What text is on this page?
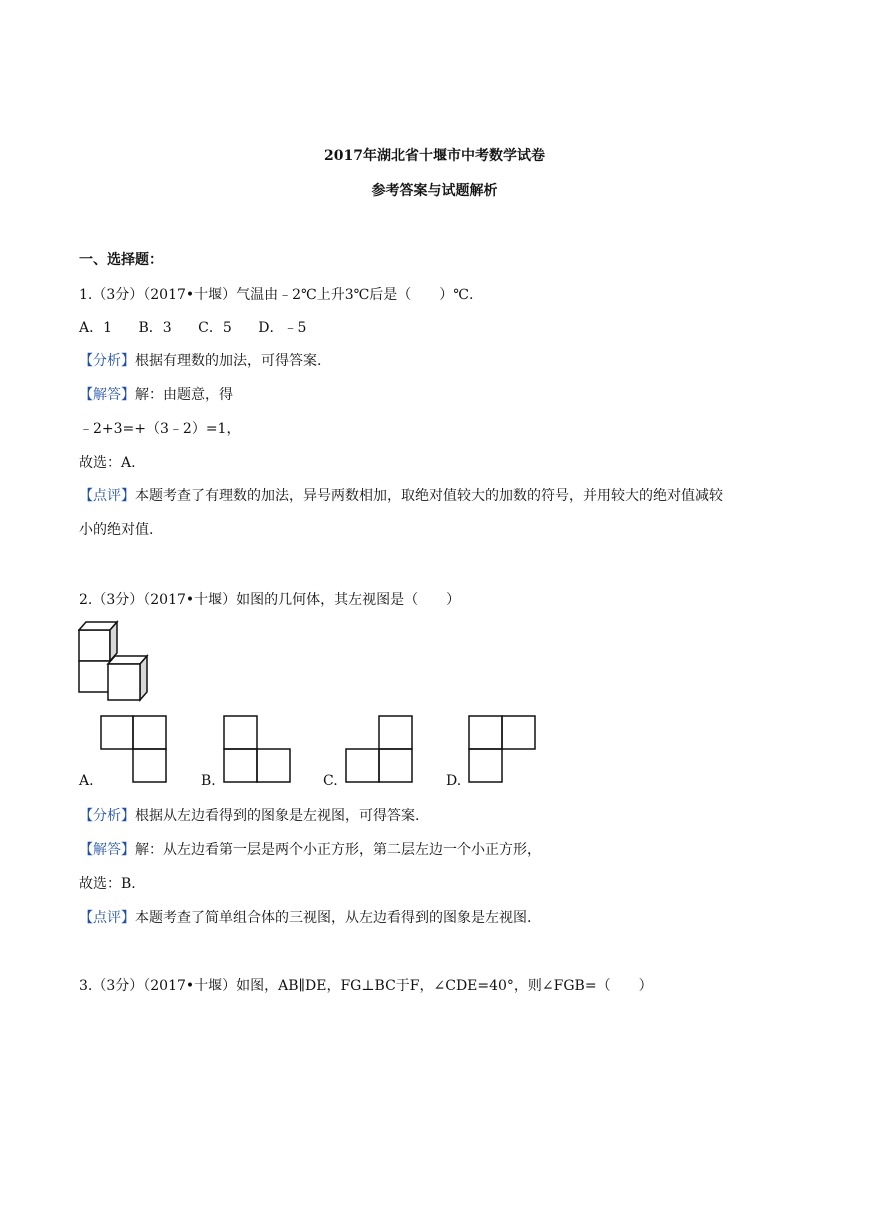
2017年湖北省十堰市中考数学试卷
参考答案与试题解析
一、选择题：
1.（3分）（2017•十堰）气温由﹣2℃上升3℃后是（　　）℃.
A．1 B．3 C．5 D．﹣5
【分析】根据有理数的加法，可得答案.
【解答】解：由题意，得
﹣2+3=+（3﹣2）=1，
故选：A.
【点评】本题考查了有理数的加法，异号两数相加，取绝对值较大的加数的符号，并用较大的绝对值减较
小的绝对值.
2.（3分）（2017•十堰）如图的几何体，其左视图是（　　）
A.	B.	C.	D.
【分析】根据从左边看得到的图象是左视图，可得答案.
【解答】解：从左边看第一层是两个小正方形，第二层左边一个小正方形，
故选：B.
【点评】本题考查了简单组合体的三视图，从左边看得到的图象是左视图.
3.（3分）（2017•十堰）如图，AB∥DE，FG⊥BC于F，∠CDE=40°，则∠FGB=（　　）
